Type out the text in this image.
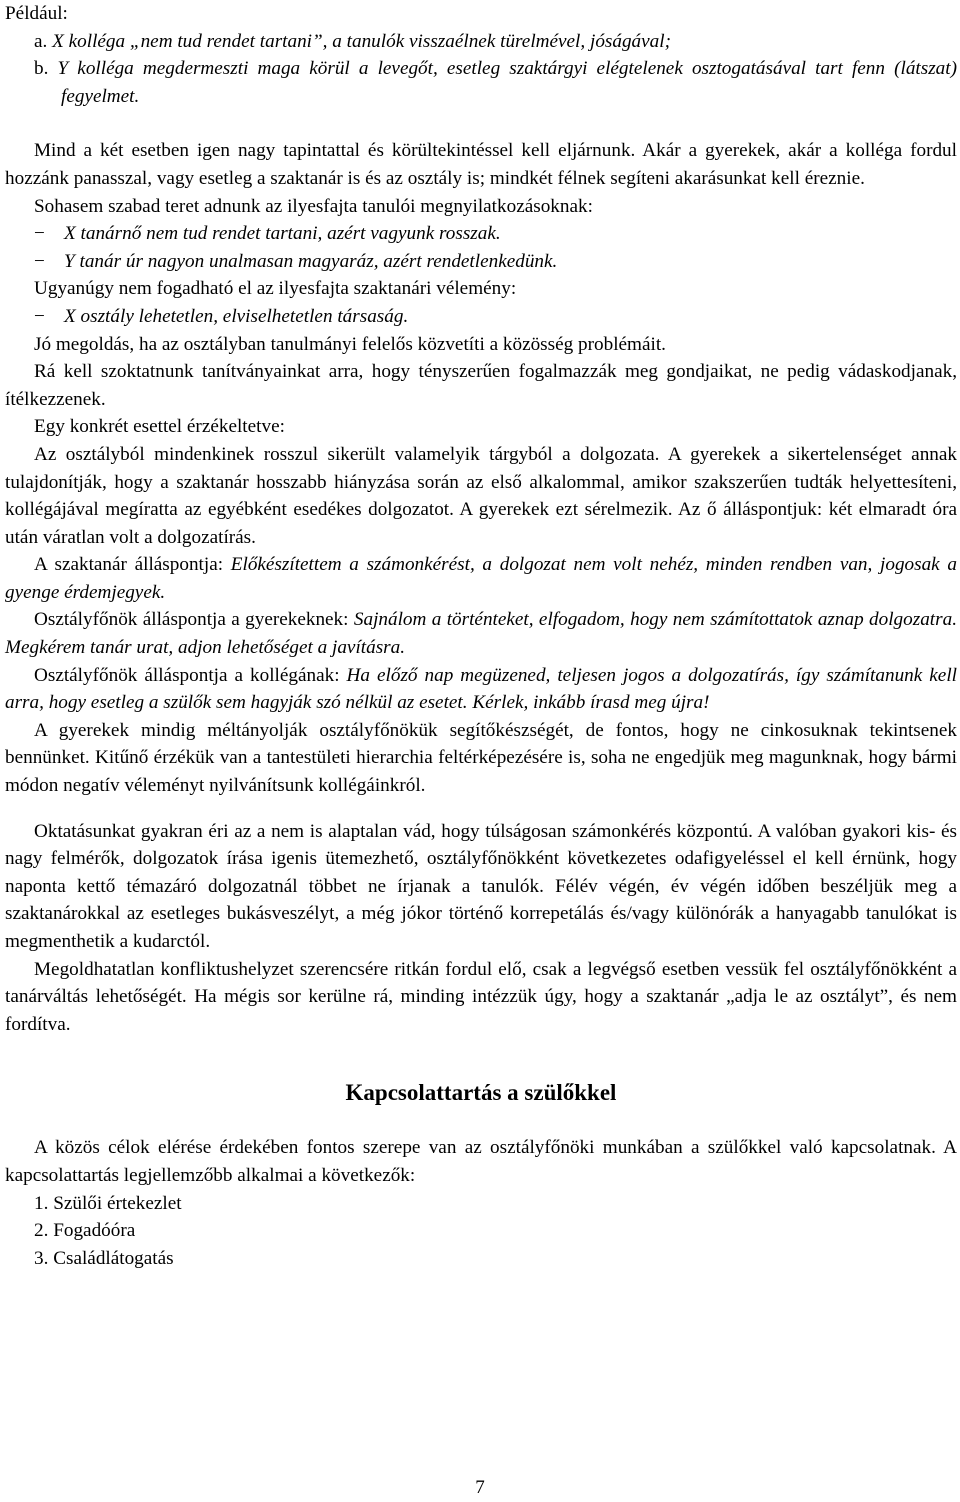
Például:

a. X kolléga „nem tud rendet tartani”, a tanulók visszaélnek türelmével, jóságával;

b. Y kolléga megdermeszti maga körül a levegőt, esetleg szaktárgyi elégtelenek osztogatásával tart fenn (látszat) fegyelmet.

Mind a két esetben igen nagy tapintattal és körültekintéssel kell eljárnunk. Akár a gyerekek, akár a kolléga fordul hozzánk panasszal, vagy esetleg a szaktanár is és az osztály is; mindkét félnek segíteni akarásunkat kell éreznie.

Sohasem szabad teret adnunk az ilyesfajta tanulói megnyilatkozásoknak:

− X tanárnő nem tud rendet tartani, azért vagyunk rosszak.

− Y tanár úr nagyon unalmasan magyaráz, azért rendetlenkedünk.

Ugyanúgy nem fogadható el az ilyesfajta szaktanári vélemény:

− X osztály lehetetlen, elviselhetetlen társaság.

Jó megoldás, ha az osztályban tanulmányi felelős közvetíti a közösség problémáit.

Rá kell szoktatnunk tanítványainkat arra, hogy tényszerűen fogalmazzák meg gondjaikat, ne pedig vádaskodjanak, ítélkezzenek.

Egy konkrét esettel érzékeltetve:

Az osztályból mindenkinek rosszul sikerült valamelyik tárgyból a dolgozata. A gyerekek a sikertelenséget annak tulajdonítják, hogy a szaktanár hosszabb hiányzása során az első alkalommal, amikor szakszerűen tudták helyettesíteni, kollégájával megíratta az egyébként esedékes dolgozatot. A gyerekek ezt sérelmezik. Az ő álláspontjuk: két elmaradt óra után váratlan volt a dolgozatírás.

A szaktanár álláspontja: Előkészítettem a számonkérést, a dolgozat nem volt nehéz, minden rendben van, jogosak a gyenge érdemjegyek.

Osztályfőnök álláspontja a gyerekeknek: Sajnálom a történteket, elfogadom, hogy nem számítottatok aznap dolgozatra. Megkérem tanár urat, adjon lehetőséget a javításra.

Osztályfőnök álláspontja a kollégának: Ha előző nap megüzened, teljesen jogos a dolgozatírás, így számítanunk kell arra, hogy esetleg a szülők sem hagyják szó nélkül az esetet. Kérlek, inkább írasd meg újra!

A gyerekek mindig méltányolják osztályfőnökük segítőkészségét, de fontos, hogy ne cinkosuknak tekintsenek bennünket. Kitűnő érzékük van a tantestületi hierarchia feltérképezésére is, soha ne engedjük meg magunknak, hogy bármi módon negatív véleményt nyilvánítsunk kollégáinkról.

Oktatásunkat gyakran éri az a nem is alaptalan vád, hogy túlságosan számonkérés központú. A valóban gyakori kis- és nagy felmérők, dolgozatok írása igenis ütemezhető, osztályfőnökként következetes odafigyeléssel el kell érnünk, hogy naponta kettő témazáró dolgozatnál többet ne írjanak a tanulók. Félév végén, év végén időben beszéljük meg a szaktanárokkal az esetleges bukásveszélyt, a még jókor történő korrepetálás és/vagy különórák a hanyagabb tanulókat is megmenthetik a kudarctól.

Megoldhatatlan konfliktushelyzet szerencsére ritkán fordul elő, csak a legvégső esetben vessük fel osztályfőnökként a tanárváltás lehetőségét. Ha mégis sor kerülne rá, minding intézzük úgy, hogy a szaktanár „adja le az osztályt”, és nem fordítva.

Kapcsolattartás a szülőkkel

A közös célok elérése érdekében fontos szerepe van az osztályfőnöki munkában a szülőkkel való kapcsolatnak. A kapcsolattartás legjellemzőbb alkalmai a következők:

1. Szülői értekezlet

2. Fogadóóra

3. Családlátogatás

7
